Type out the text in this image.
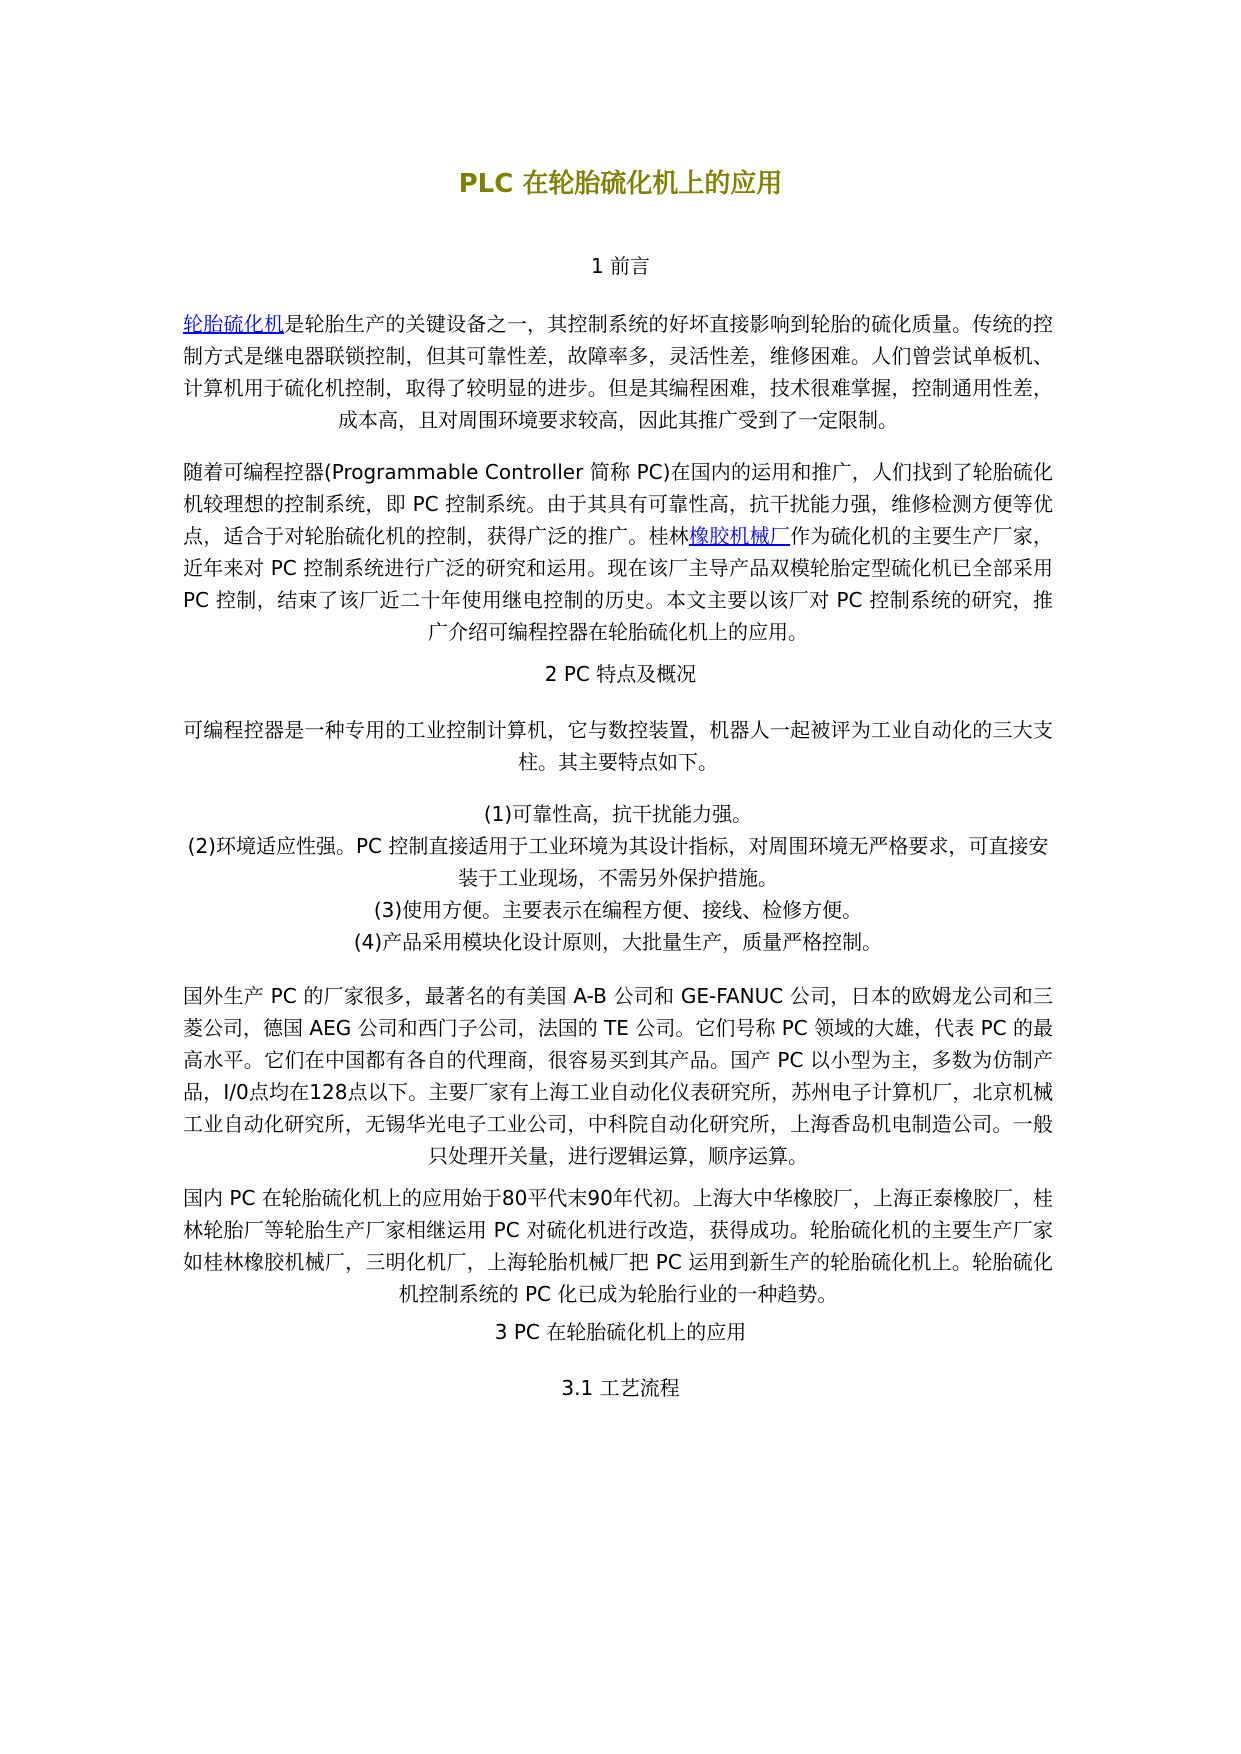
PLC 在轮胎硫化机上的应用
1 前言
轮胎硫化机是轮胎生产的关键设备之一，其控制系统的好坏直接影响到轮胎的硫化质量。传统的控制方式是继电器联锁控制，但其可靠性差，故障率多，灵活性差，维修困难。人们曾尝试单板机、计算机用于硫化机控制，取得了较明显的进步。但是其编程困难，技术很难掌握，控制通用性差，成本高，且对周围环境要求较高，因此其推广受到了一定限制。
随着可编程控器(Programmable Controller 简称 PC)在国内的运用和推广，人们找到了轮胎硫化机较理想的控制系统，即 PC 控制系统。由于其具有可靠性高，抗干扰能力强，维修检测方便等优点，适合于对轮胎硫化机的控制，获得广泛的推广。桂林橡胶机械厂作为硫化机的主要生产厂家，近年来对 PC 控制系统进行广泛的研究和运用。现在该厂主导产品双模轮胎定型硫化机已全部采用 PC 控制，结束了该厂近二十年使用继电控制的历史。本文主要以该厂对 PC 控制系统的研究，推广介绍可编程控器在轮胎硫化机上的应用。
2 PC 特点及概况
可编程控器是一种专用的工业控制计算机，它与数控装置，机器人一起被评为工业自动化的三大支柱。其主要特点如下。
(1)可靠性高，抗干扰能力强。
(2)环境适应性强。PC 控制直接适用于工业环境为其设计指标，对周围环境无严格要求，可直接安装于工业现场，不需另外保护措施。
(3)使用方便。主要表示在编程方便、接线、检修方便。
(4)产品采用模块化设计原则，大批量生产，质量严格控制。
国外生产 PC 的厂家很多，最著名的有美国 A-B 公司和 GE-FANUC 公司，日本的欧姆龙公司和三菱公司，德国 AEG 公司和西门子公司，法国的 TE 公司。它们号称 PC 领域的大雄，代表 PC 的最高水平。它们在中国都有各自的代理商，很容易买到其产品。国产 PC 以小型为主，多数为仿制产品，I/0点均在128点以下。主要厂家有上海工业自动化仪表研究所，苏州电子计算机厂，北京机械工业自动化研究所，无锡华光电子工业公司，中科院自动化研究所，上海香岛机电制造公司。一般只处理开关量，进行逻辑运算，顺序运算。
国内 PC 在轮胎硫化机上的应用始于80平代末90年代初。上海大中华橡胶厂，上海正泰橡胶厂，桂林轮胎厂等轮胎生产厂家相继运用 PC 对硫化机进行改造，获得成功。轮胎硫化机的主要生产厂家如桂林橡胶机械厂，三明化机厂，上海轮胎机械厂把 PC 运用到新生产的轮胎硫化机上。轮胎硫化机控制系统的 PC 化已成为轮胎行业的一种趋势。
3 PC 在轮胎硫化机上的应用
3.1 工艺流程
